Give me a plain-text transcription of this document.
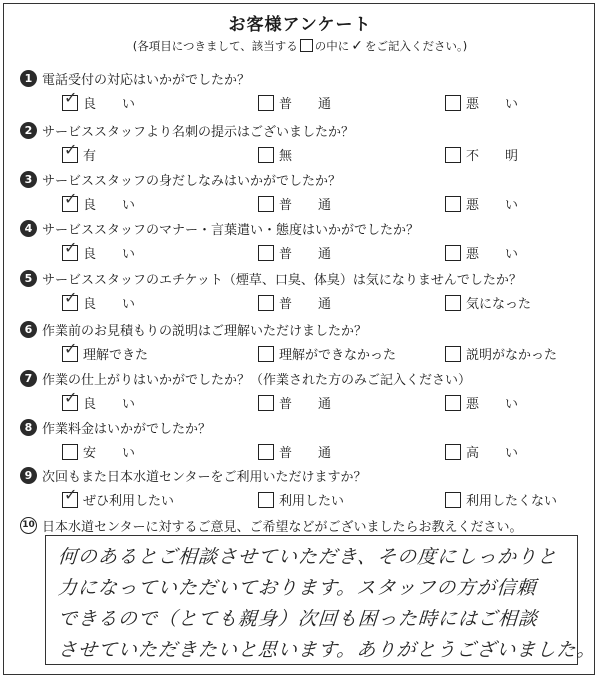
お客様アンケート
(各項目につきまして、該当する の中に ✓ をご記入ください。)
1 電話受付の対応はいかがでしたか？
✓ 良　　い	普　　通	悪　　い
2 サービススタッフより名刺の提示はございましたか？
✓ 有	無	不　　明
3 サービススタッフの身だしなみはいかがでしたか？
✓ 良　　い	普　　通	悪　　い
4 サービススタッフのマナー・言葉遣い・態度はいかがでしたか？
✓ 良　　い	普　　通	悪　　い
5 サービススタッフのエチケット（煙草、口臭、体臭）は気になりませんでしたか？
✓ 良　　い	普　　通	気になった
6 作業前のお見積もりの説明はご理解いただけましたか？
✓ 理解できた	理解ができなかった	説明がなかった
7 作業の仕上がりはいかがでしたか？（作業された方のみご記入ください）
✓ 良　　い	普　　通	悪　　い
8 作業料金はいかがでしたか？
安　　い	普　　通	高　　い
9 次回もまた日本水道センターをご利用いただけますか？
✓ ぜひ利用したい	利用したい	利用したくない
10 日本水道センターに対するご意見、ご希望などがございましたらお教えください。
何のあるとご相談させていただき、その度にしっかりと
力になっていただいております。スタッフの方が信頼
できるので（とても親身）次回も困った時にはご相談
させていただきたいと思います。ありがとうございました。
